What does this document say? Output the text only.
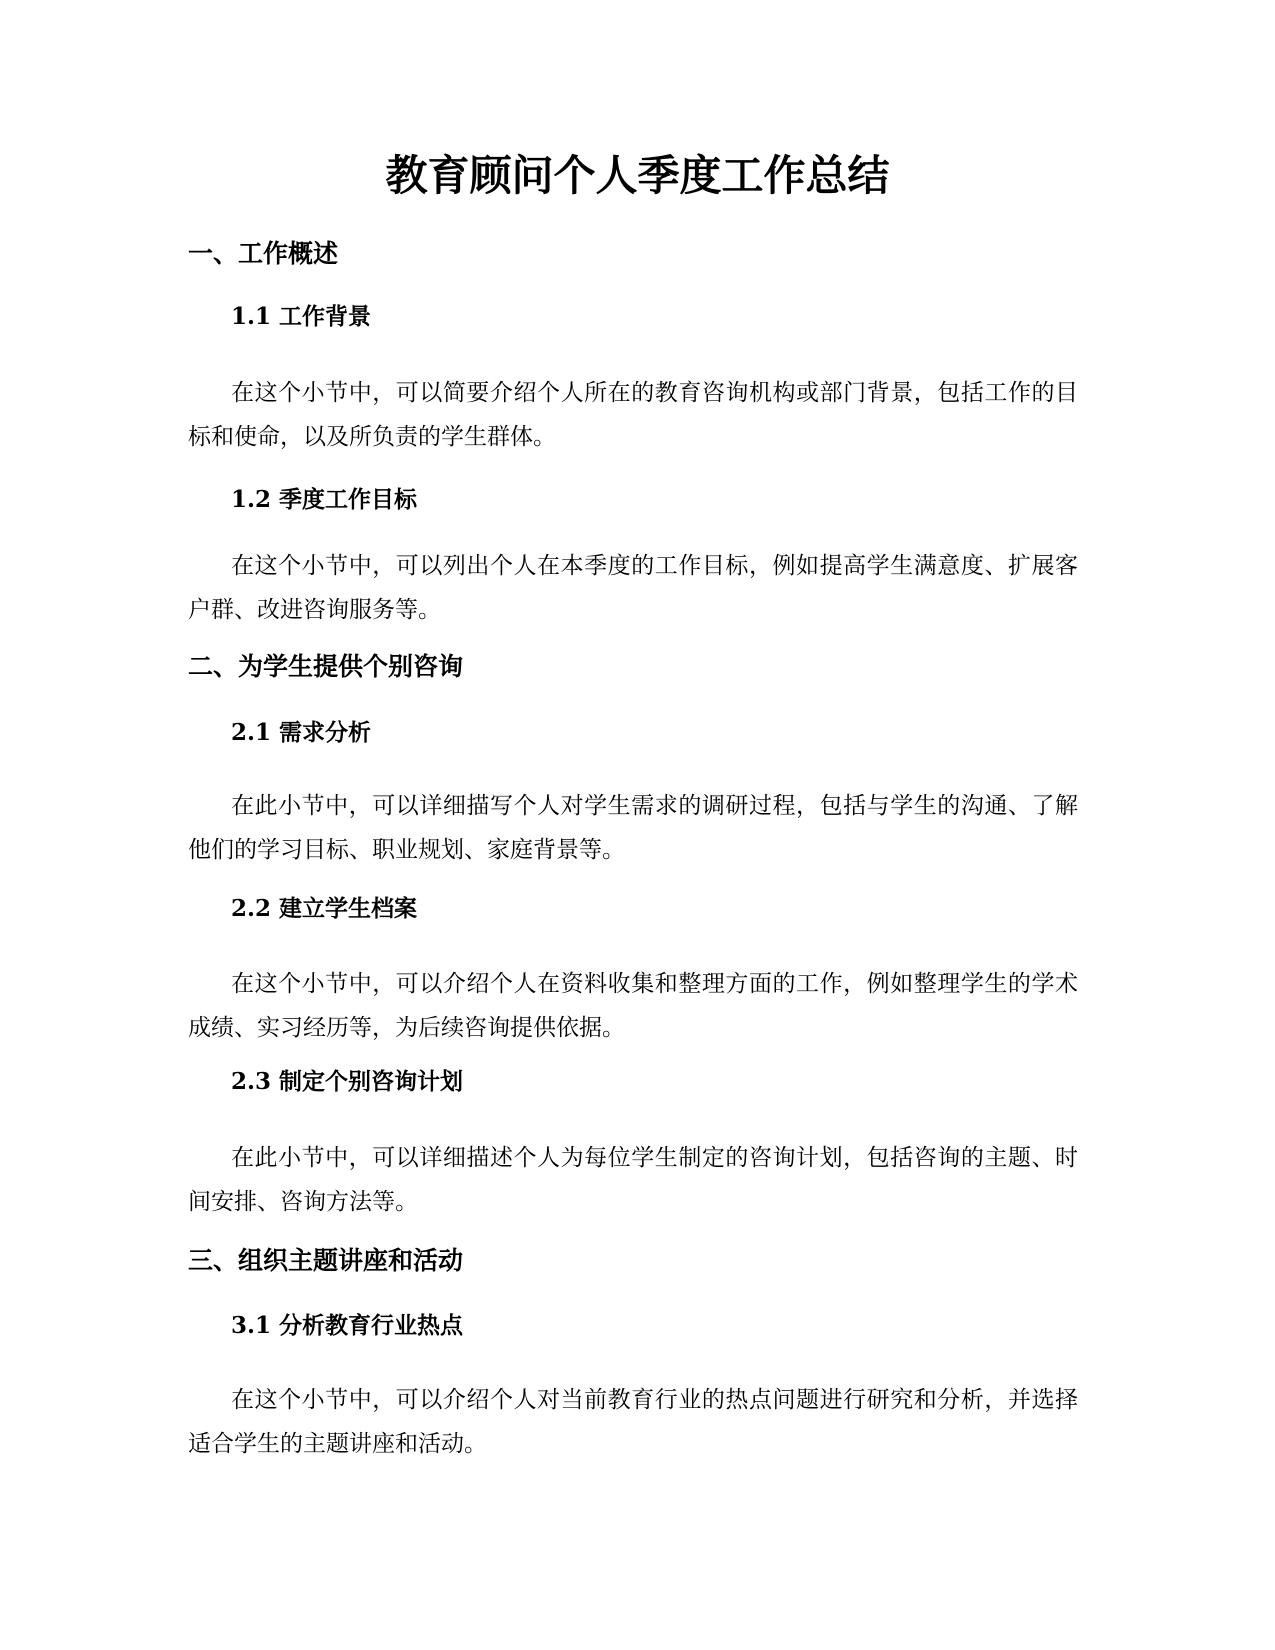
教育顾问个人季度工作总结
一、工作概述
1.1 工作背景

在这个小节中，可以简要介绍个人所在的教育咨询机构或部门背景，包括工作的目标和使命，以及所负责的学生群体。

1.2 季度工作目标

在这个小节中，可以列出个人在本季度的工作目标，例如提高学生满意度、扩展客户群、改进咨询服务等。

二、为学生提供个别咨询
2.1 需求分析

在此小节中，可以详细描写个人对学生需求的调研过程，包括与学生的沟通、了解他们的学习目标、职业规划、家庭背景等。

2.2 建立学生档案

在这个小节中，可以介绍个人在资料收集和整理方面的工作，例如整理学生的学术成绩、实习经历等，为后续咨询提供依据。

2.3 制定个别咨询计划

在此小节中，可以详细描述个人为每位学生制定的咨询计划，包括咨询的主题、时间安排、咨询方法等。

三、组织主题讲座和活动
3.1 分析教育行业热点

在这个小节中，可以介绍个人对当前教育行业的热点问题进行研究和分析，并选择适合学生的主题讲座和活动。
